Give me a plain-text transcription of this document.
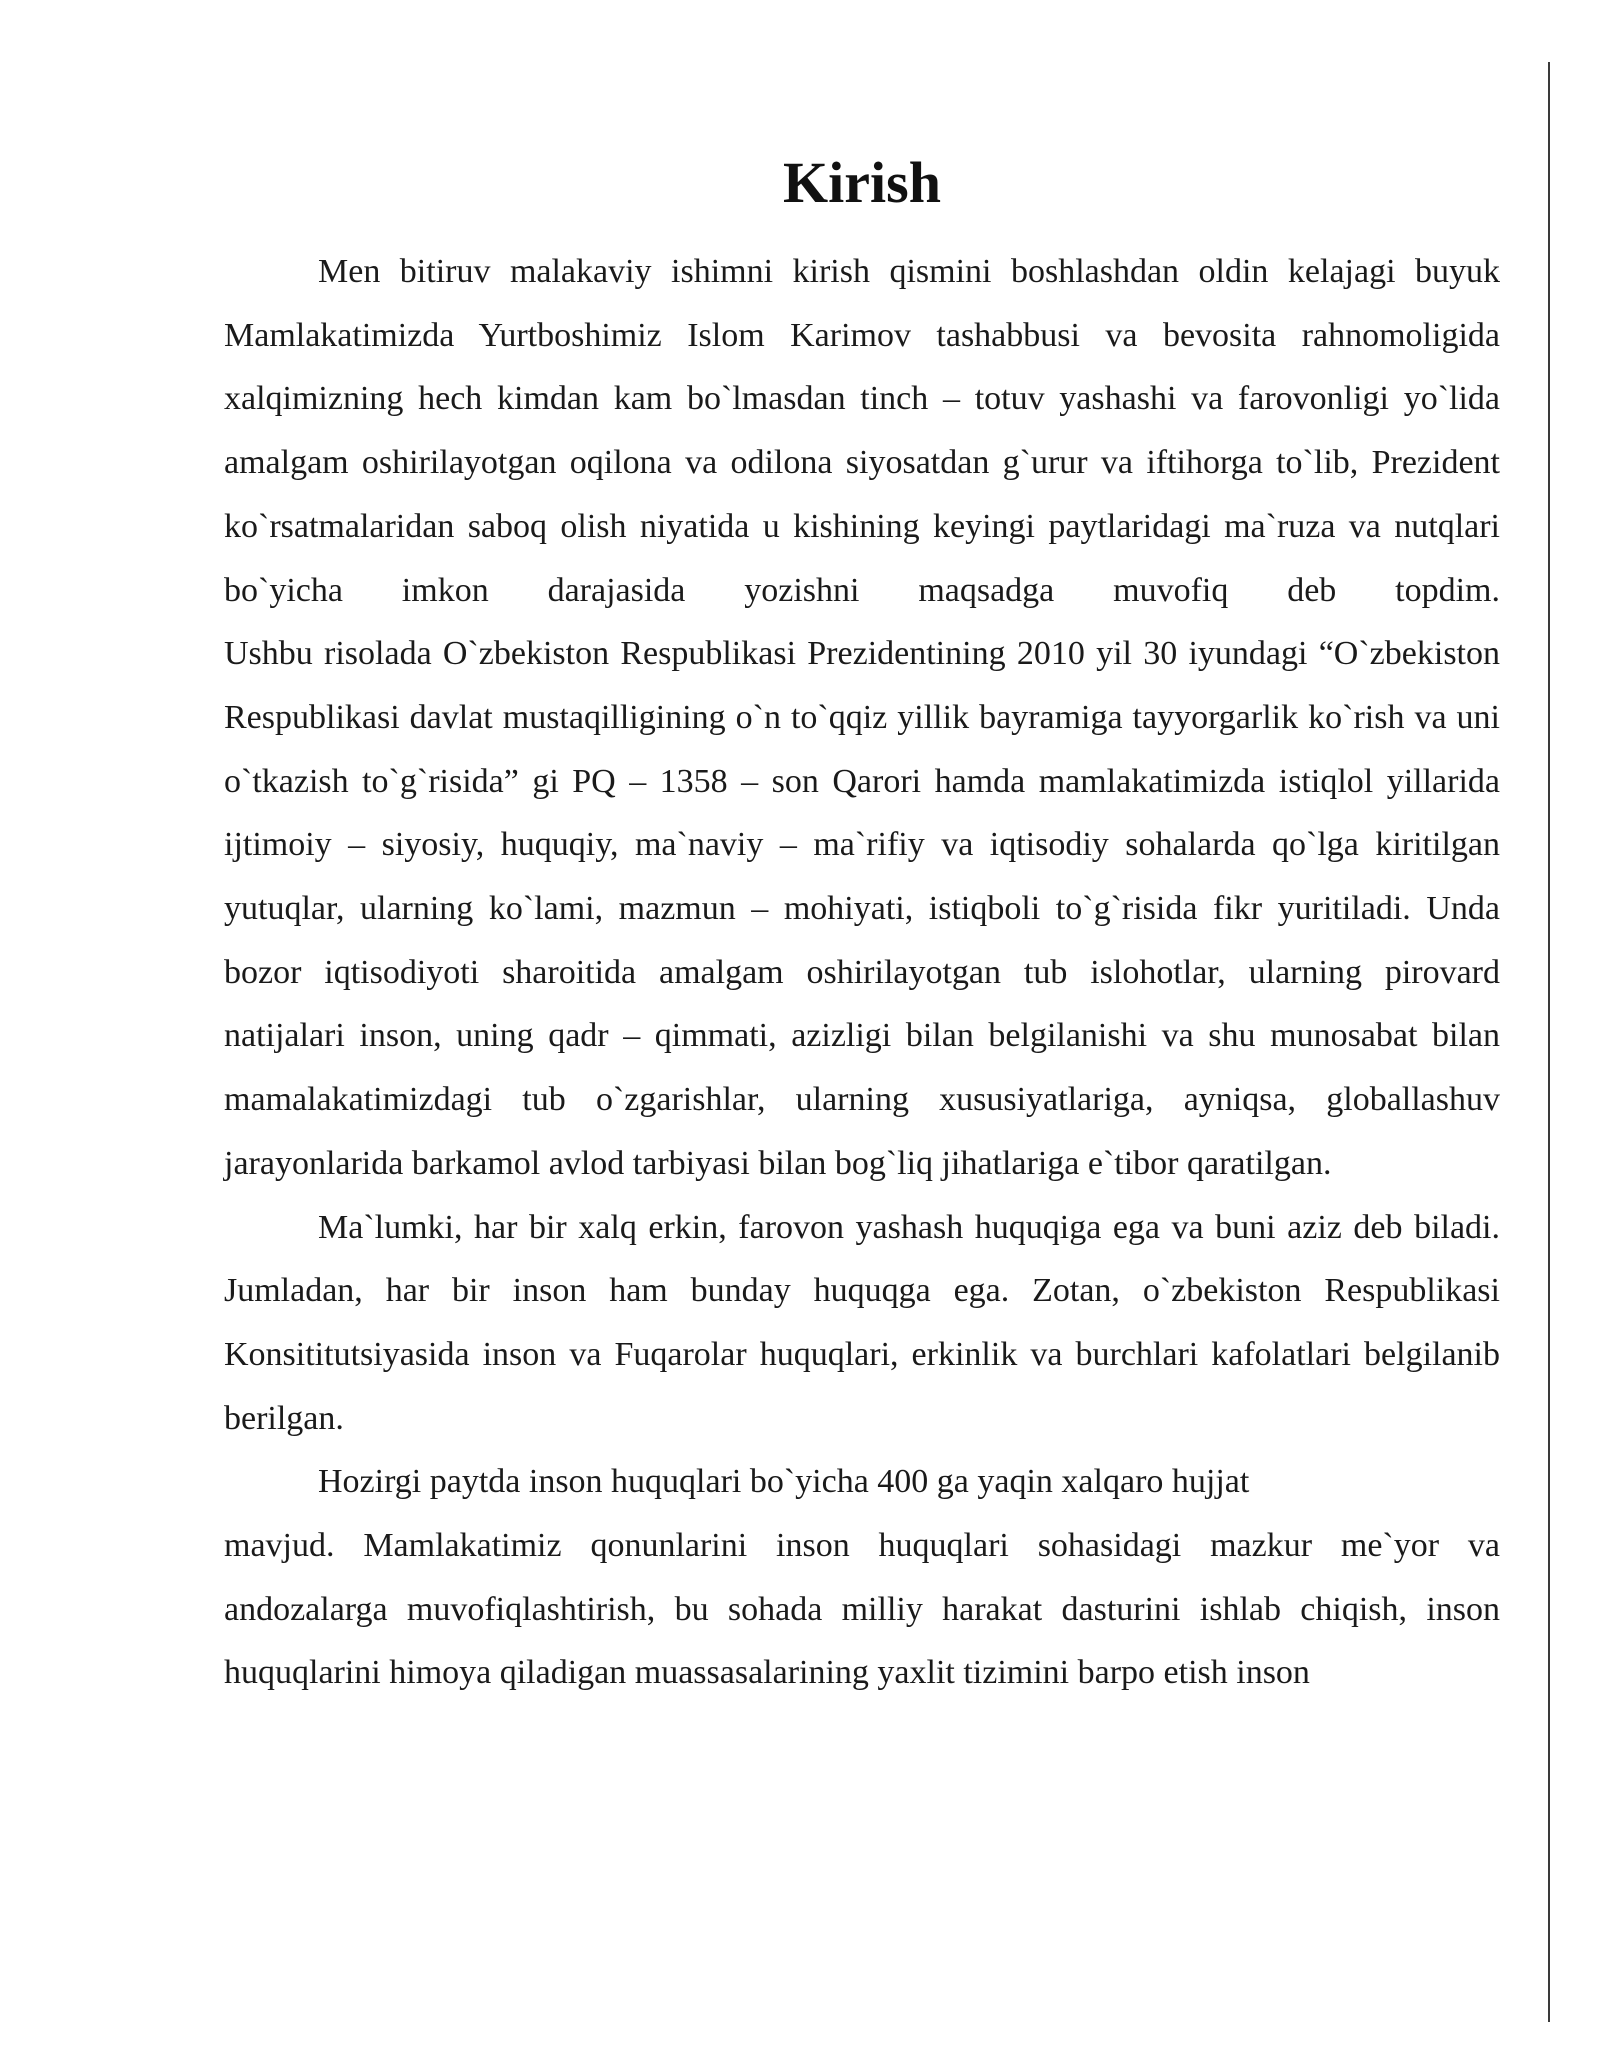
Kirish

Men bitiruv malakaviy ishimni kirish qismini boshlashdan oldin kelajagi buyuk Mamlakatimizda Yurtboshimiz Islom Karimov tashabbusi va bevosita rahnomoligida xalqimizning hech kimdan kam bo`lmasdan tinch – totuv yashashi va farovonligi yo`lida amalgam oshirilayotgan oqilona va odilona siyosatdan g`urur va iftihorga to`lib, Prezident ko`rsatmalaridan saboq olish niyatida u kishining keyingi paytlaridagi ma`ruza va nutqlari bo`yicha imkon darajasida yozishni maqsadga muvofiq deb topdim.

Ushbu risolada O`zbekiston Respublikasi Prezidentining 2010 yil 30 iyundagi “O`zbekiston Respublikasi davlat mustaqilligining o`n to`qqiz yillik bayramiga tayyorgarlik ko`rish va uni o`tkazish to`g`risida” gi PQ – 1358 – son Qarori hamda mamlakatimizda istiqlol yillarida ijtimoiy – siyosiy, huquqiy, ma`naviy – ma`rifiy va iqtisodiy sohalarda qo`lga kiritilgan yutuqlar, ularning ko`lami, mazmun – mohiyati, istiqboli to`g`risida fikr yuritiladi. Unda bozor iqtisodiyoti sharoitida amalgam oshirilayotgan tub islohotlar, ularning pirovard natijalari inson, uning qadr – qimmati, azizligi bilan belgilanishi va shu munosabat bilan mamalakatimizdagi tub o`zgarishlar, ularning xususiyatlariga, ayniqsa, globallashuv jarayonlarida barkamol avlod tarbiyasi bilan bog`liq jihatlariga e`tibor qaratilgan.

Ma`lumki, har bir xalq erkin, farovon yashash huquqiga ega va buni aziz deb biladi. Jumladan, har bir inson ham bunday huquqga ega. Zotan, o`zbekiston Respublikasi Konsititutsiyasida inson va Fuqarolar huquqlari, erkinlik va burchlari kafolatlari belgilanib berilgan.

Hozirgi paytda inson huquqlari bo`yicha 400 ga yaqin xalqaro hujjat

mavjud. Mamlakatimiz qonunlarini inson huquqlari sohasidagi mazkur me`yor va andozalarga muvofiqlashtirish, bu sohada milliy harakat dasturini ishlab chiqish, inson huquqlarini himoya qiladigan muassasalarining yaxlit tizimini barpo etish inson
